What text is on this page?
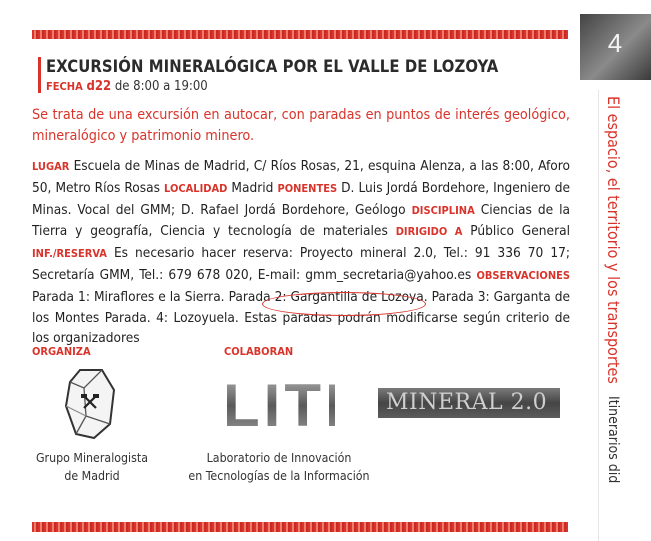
4
El espacio, el territorio y los transportes Itinerarios did
EXCURSIÓN MINERALÓGICA POR EL VALLE DE LOZOYA
FECHA d22 de 8:00 a 19:00
Se trata de una excursión en autocar, con paradas en puntos de interés geológico, mineralógico y patrimonio minero.
LUGAR Escuela de Minas de Madrid, C/ Ríos Rosas, 21, esquina Alenza, a las 8:00, Aforo 50, Metro Ríos Rosas LOCALIDAD Madrid PONENTES D. Luis Jordá Bordehore, Ingeniero de Minas. Vocal del GMM; D. Rafael Jordá Bordehore, Geólogo DISCIPLINA Ciencias de la Tierra y geografía, Ciencia y tecnología de materiales DIRIGIDO A Público General INF./RESERVA Es necesario hacer reserva: Proyecto mineral 2.0, Tel.: 91 336 70 17; Secretaría GMM, Tel.: 679 678 020, E-mail: gmm_secretaria@yahoo.es OBSERVACIONES Parada 1: Miraflores e la Sierra. Parada 2: Gargantilla de Lozoya. Parada 3: Garganta de los Montes Parada. 4: Lozoyuela. Estas paradas podrán modificarse según criterio de los organizadores
ORGANIZA	COLABORAN
Grupo Mineralogista
de Madrid
LITI
Laboratorio de Innovación
en Tecnologías de la Información
MINERAL 2.0
